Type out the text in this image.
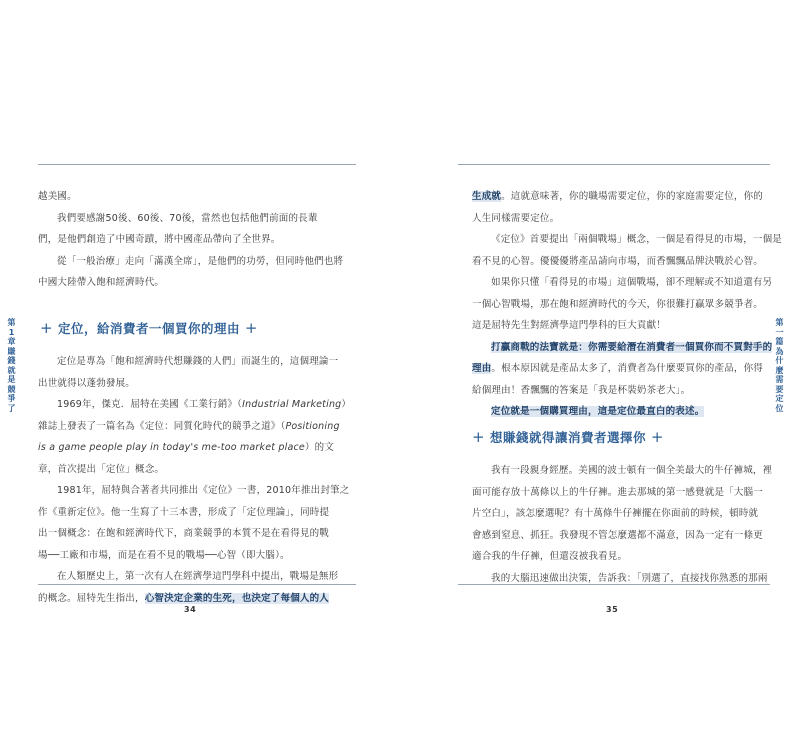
第1章 賺錢就是競爭了

越美國。

我們要感謝50後、60後、70後，當然也包括他們前面的長輩

們，是他們創造了中國奇蹟，將中國產品帶向了全世界。

從「一般治療」走向「滿漢全席」，是他們的功勞，但同時他們也將

中國大陸帶入飽和經濟時代。

+ 定位，給消費者一個買你的理由 +

定位是專為「飽和經濟時代想賺錢的人們」而誕生的，這個理論一

出世就得以蓬勃發展。

1969年，傑克．屈特在美國《工業行銷》（Industrial Marketing）

雜誌上發表了一篇名為《定位：同質化時代的競爭之道》（Positioning

is a game people play in today's me-too market place）的文

章，首次提出「定位」概念。

1981年，屈特與合著者共同推出《定位》一書，2010年推出封筆之

作《重新定位》。他一生寫了十三本書，形成了「定位理論」，同時提

出一個概念：在飽和經濟時代下，商業競爭的本質不是在看得見的戰

場──工廠和市場，而是在看不見的戰場──心智（即大腦）。

在人類歷史上，第一次有人在經濟學這門學科中提出，戰場是無形

的概念。屈特先生指出，心智決定企業的生死，也決定了每個人的人

34
第一篇 為什麼需要定位

生成就。這就意味著，你的職場需要定位，你的家庭需要定位，你的

人生同樣需要定位。

《定位》首要提出「兩個戰場」概念，一個是看得見的市場，一個是

看不見的心智。優優優將產品請向市場，而香飄飄品牌決戰於心智。

如果你只懂「看得見的市場」這個戰場，卻不理解或不知道還有另

一個心智戰場，那在飽和經濟時代的今天，你很難打贏眾多競爭者。

這是屈特先生對經濟學這門學科的巨大貢獻！

打贏商戰的法寶就是：你需要給潛在消費者一個買你而不買對手的

理由。根本原因就是產品太多了，消費者為什麼要買你的產品，你得

給個理由！香飄飄的答案是「我是杯裝奶茶老大」。

定位就是一個購買理由，這是定位最直白的表述。

+ 想賺錢就得讓消費者選擇你 +

我有一段親身經歷。美國的波士頓有一個全美最大的牛仔褲城，裡

面可能存放十萬條以上的牛仔褲。進去那城的第一感覺就是「大腦一

片空白」，該怎麼選呢？有十萬條牛仔褲擺在你面前的時候，頓時就

會感到窒息、抓狂。我發現不管怎麼選都不滿意，因為一定有一條更

適合我的牛仔褲，但還沒被我看見。

我的大腦迅速做出決策，告訴我：「別選了，直接找你熟悉的那兩

35
